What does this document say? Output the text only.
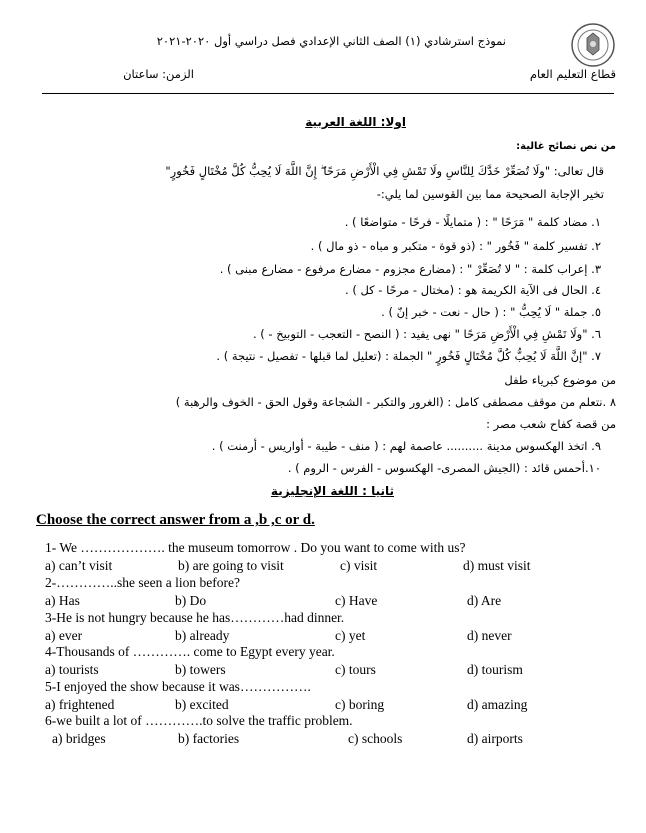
نموذج استرشادي (١) الصف الثاني الإعدادي فصل دراسي أول ٢٠٢٠-٢٠٢١
قطاع التعليم العام
الزمن: ساعتان
اولا: اللغة العربية
من نص نصائح غالية:
قال تعالى: "ولَا تُصَعِّرْ خَدَّكَ لِلنَّاسِ ولَا تَمْشِ فِي الْأَرْضِ مَرَحًا ۖ إِنَّ اللَّهَ لَا يُحِبُّ كُلَّ مُخْتَالٍ فَخُورٍ"
تخير الإجابة الصحيحة مما بين القوسين لما يلي:-
١. مضاد كلمة " مَرَحًا " : ( متمايلًا - فرحًا - متواضعًا ) .
٢. تفسير كلمة " فَخُور " : (ذو قوة - متكبر و مباه - ذو مال ) .
٣. إعراب كلمة : " لا تُصَعِّرْ " : (مضارع مجزوم - مضارع مرفوع - مضارع مبنى ) .
٤. الحال فى الآية الكريمة هو : (مختال - مرحًا - كل ) .
٥. جملة " لَا يُحِبُّ " : ( حال - نعت - خبر إنّ ) .
٦. "ولَا تَمْشِ فِي الْأَرْضِ مَرَحًا " نهى يفيد : ( النصح - التعجب - التوبيخ - ) .
٧. "إنَّ اللَّهَ لَا يُحِبُّ كُلَّ مُخْتَالٍ فَخُورٍ " الجملة : (تعليل لما قبلها - تفصيل - نتيجة ) .
من موضوع كبرياء طفل
٨ .نتعلم من موقف مصطفى كامل : (الغرور والتكبر - الشجاعة وقول الحق - الخوف والرهبة )
من قصة كفاح شعب مصر :
٩. اتخذ الهكسوس مدينة .......... عاصمة لهم : ( منف - طيبة - أواريس - أرمنت ) .
١٠.أحمس قائد : (الجيش المصرى- الهكسوس - الفرس - الروم ) .
ثانيا : اللغة الإنجليزية
Choose the correct answer from a ,b ,c or d.
1- We ………………. the museum tomorrow . Do you want to come with us?
a) can’t visit	b) are going to visit	c) visit	d) must visit
2-…………..she seen a lion before?
a) Has	b) Do	c) Have	d) Are
3-He is not hungry because he has…………had dinner.
a) ever	b) already	c) yet	d) never
4-Thousands of …………. come to Egypt every year.
a) tourists	b) towers	c) tours	d) tourism
5-I enjoyed the show because it was…………….
a) frightened	b) excited	c) boring	d) amazing
6-we built a lot of ………….to solve the traffic problem.
a) bridges	b) factories	c) schools	d) airports
